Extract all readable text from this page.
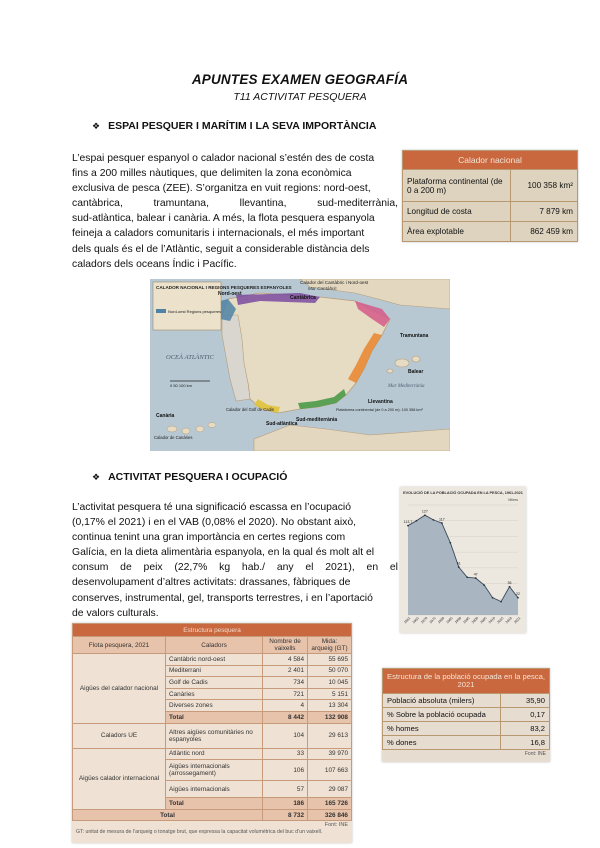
APUNTES EXAMEN GEOGRAFÍA
T11 ACTIVITAT PESQUERA
❖ ESPAI PESQUER I MARÍTIM I LA SEVA IMPORTÀNCIA
L’espai pesquer espanyol o calador nacional s’estén des de costa
fins a 200 milles nàutiques, que delimiten la zona econòmica
exclusiva de pesca (ZEE). S’organitza en vuit regions: nord-oest,
cantàbrica, tramuntana, llevantina, sud-mediterrània,
sud-atlàntica, balear i canària. A més, la flota pesquera espanyola
feineja a caladors comunitaris i internacionals, el més important
dels quals és el de l’Atlàntic, seguit a considerable distància dels
caladors dels oceans Índic i Pacífic.
Calador nacional	
Plataforma continental (de 0 a 200 m)	100 358 km²
Longitud de costa	7 879 km
Àrea explotable	862 459 km
CALADOR NACIONAL I REGIONS PESQUERES ESPANYOLES
Nord-oest Regions pesqueres
Calador del Cantàbric i Nord-oest
Mar Cantàbric
Nord-oest
Cantàbrica
Tramuntana
Balear
Llevantina
Sud-mediterrània
Sud-atlàntica
Canària
OCEÀ ATLÀNTIC
Mar Mediterrània
Calador del Golf de Cadis
Calador de Canàries
Plataforma continental (de 0 a 200 m): 100 358 km²
0 50 100 km
❖ ACTIVITAT PESQUERA I OCUPACIÓ
L’activitat pesquera té una significació escassa en l’ocupació
(0,17% el 2021) i en el VAB (0,08% el 2020). No obstant això,
continua tenint una gran importància en certes regions com
Galícia, en la dieta alimentària espanyola, en la qual és molt alt el
consum de peix (22,7% kg hab./ any el 2021), en el
desenvolupament d’altres activitats: drassanes, fàbriques de
conserves, instrumental, gel, transports terrestres, i en l’aportació
de valors culturals.
EVOLUCIÓ DE LA POBLACIÓ OCUPADA EN LA PESCA, 1961-2021
Milers
113,7
127
117
61
47
36
22
1961 1965 1970 1975 1980 1985 1990 1995 2000 2005 2010 2015 2018 2021
Estructura pesquera			
Flota pesquera, 2021	Caladors	Nombre de vaixells	Mida: arqueig (GT)
Aigües del calador nacional	Cantàbric nord-oest	4 584	55 695
	Mediterrani	2 401	50 070
	Golf de Cadis	734	10 045
	Canàries	721	5 151
	Diverses zones	4	13 304
	Total	8 442	132 908
Caladors UE	Altres aigües comunitàries no espanyoles	104	29 613
Aigües calador internacional	Atlàntic nord	33	39 970
	Aigües internacionals (arrossegament)	106	107 663
	Aigües internacionals	57	29 087
	Total	186	165 726
Total		8 732	326 846
Font: INE
GT: unitat de mesura de l’arqueig o tonatge brut, que expressa la capacitat volumètrica del buc d’un vaixell.
Estructura de la població ocupada en la pesca, 2021	
Població absoluta (milers)	35,90
% Sobre la població ocupada	0,17
% homes	83,2
% dones	16,8
Font: INE
